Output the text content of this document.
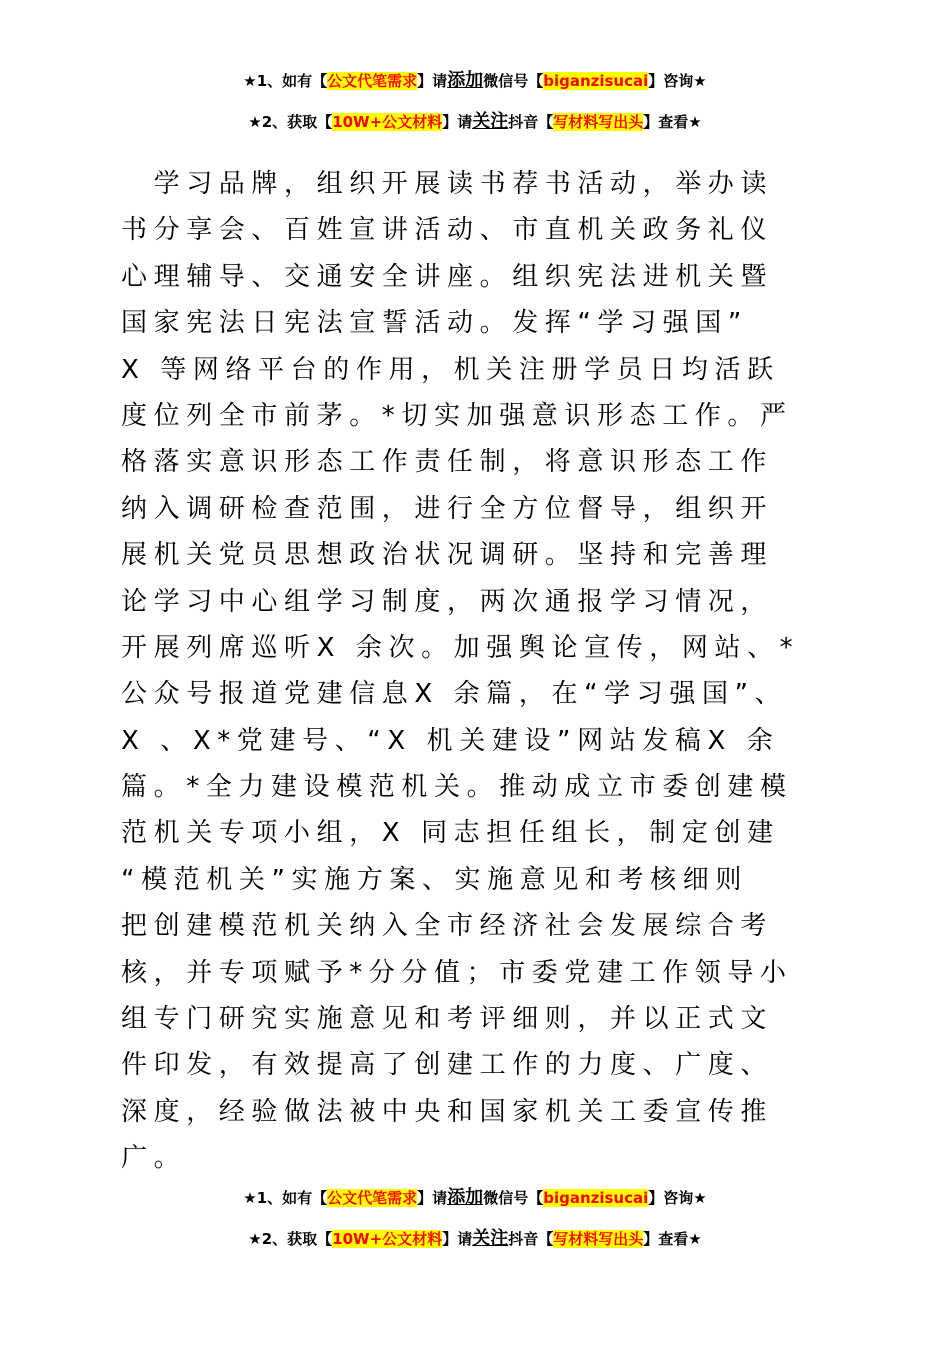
★1、如有【公文代笔需求】请添加微信号【biganzisucai】咨询★
★2、获取【10W+公文材料】请关注抖音【写材料写出头】查看★
　学习品牌，组织开展读书荐书活动，举办读
书分享会、百姓宣讲活动、市直机关政务礼仪
心理辅导、交通安全讲座。组织宪法进机关暨
国家宪法日宪法宣誓活动。发挥“学习强国”
X 等网络平台的作用，机关注册学员日均活跃
度位列全市前茅。*切实加强意识形态工作。严
格落实意识形态工作责任制，将意识形态工作
纳入调研检查范围，进行全方位督导，组织开
展机关党员思想政治状况调研。坚持和完善理
论学习中心组学习制度，两次通报学习情况，
开展列席巡听X 余次。加强舆论宣传，网站、*
公众号报道党建信息X 余篇，在“学习强国”、
X 、X*党建号、“X 机关建设”网站发稿X 余
篇。*全力建设模范机关。推动成立市委创建模
范机关专项小组，X 同志担任组长，制定创建
“模范机关”实施方案、实施意见和考核细则
把创建模范机关纳入全市经济社会发展综合考
核，并专项赋予*分分值；市委党建工作领导小
组专门研究实施意见和考评细则，并以正式文
件印发，有效提高了创建工作的力度、广度、
深度，经验做法被中央和国家机关工委宣传推
广。
★1、如有【公文代笔需求】请添加微信号【biganzisucai】咨询★
★2、获取【10W+公文材料】请关注抖音【写材料写出头】查看★
